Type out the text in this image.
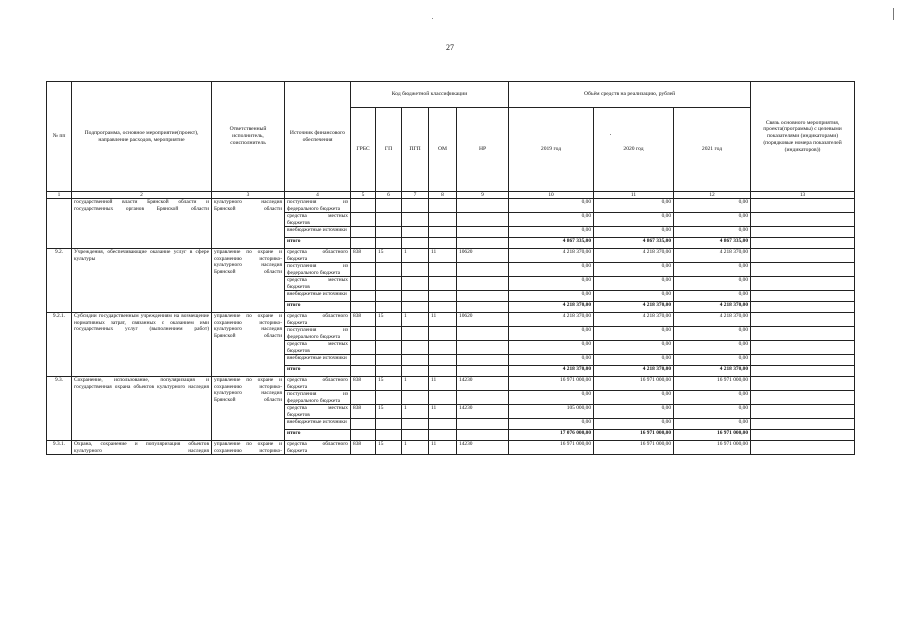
27
№ пп	Подпрограмма, основное мероприятие(проект), направление расходов, мероприятие	Ответственный исполнитель, соисполнитель	Источник финансового обеспечения	Код бюджетной классификации					Объём средств на реализацию, рублей			Связь основного мероприятия, проекта(программы) с целевыми показателями (индикаторами) (порядковые номера показателей (индикаторов))
				ГРБС	ГП	ПГП	ОМ	НР	2019 год	2020 год	2021 год	
1	2	3	4	5	6	7	8	9	10	11	12	13
	государственной власти Брянской области и государственных органов Брянской области	культурного наследия Брянской области	поступления из федерального бюджета						0,00	0,00	0,00	
			средства местных бюджетов						0,00	0,00	0,00	
			внебюджетные источники						0,00	0,00	0,00	
			итого						4 867 335,00	4 867 335,00	4 867 335,00	
9.2.	Учреждения, обеспечивающие оказание услуг в сфере культуры	управление по охране и сохранению историко-культурного наследия Брянской области	средства областного бюджета	838	15	1	11	10620	4 218 370,00	4 218 370,00	4 218 370,00	
			поступления из федерального бюджета						0,00	0,00	0,00	
			средства местных бюджетов						0,00	0,00	0,00	
			внебюджетные источники						0,00	0,00	0,00	
			итого						4 218 370,00	4 218 370,00	4 218 370,00	
9.2.1.	Субсидии государственным учреждениям на возмещение нормативных затрат, связанных с оказанием ими государственных услуг (выполнением работ)	управление по охране и сохранению историко-культурного наследия Брянской области	средства областного бюджета	838	15	1	11	10620	4 218 370,00	4 218 370,00	4 218 370,00	
			поступления из федерального бюджета						0,00	0,00	0,00	
			средства местных бюджетов						0,00	0,00	0,00	
			внебюджетные источники						0,00	0,00	0,00	
			итого						4 218 370,00	4 218 370,00	4 218 370,00	
9.3.	Сохранение, использование, популяризация и государственная охрана объектов культурного наследия	управление по охране и сохранению историко-культурного наследия Брянской области	средства областного бюджета	838	15	1	11	14230	16 971 000,00	16 971 000,00	16 971 000,00	
			поступления из федерального бюджета						0,00	0,00	0,00	
			средства местных бюджетов	838	15	1	11	14230	105 000,00	0,00	0,00	
			внебюджетные источники						0,00	0,00	0,00	
			итого						17 076 000,00	16 971 000,00	16 971 000,00	
9.3.1.	Охрана, сохранение и популяризация объектов культурного наследия	управление по охране и сохранению историко-	средства областного бюджета	838	15	1	11	14230	16 971 000,00	16 971 000,00	16 971 000,00	
